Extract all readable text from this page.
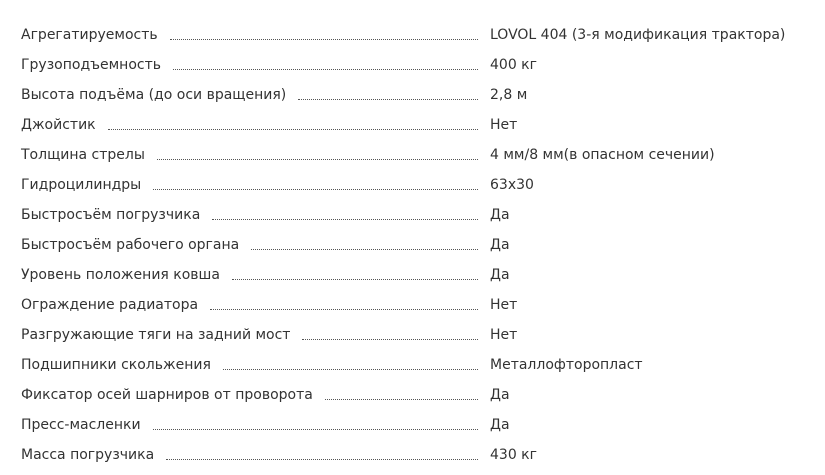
Агрегатируемость	LOVOL 404 (3-я модификация трактора)
Грузоподъемность	400 кг
Высота подъёма (до оси вращения)	2,8 м
Джойстик	Нет
Толщина стрелы	4 мм/8 мм(в опасном сечении)
Гидроцилиндры	63х30
Быстросъём погрузчика	Да
Быстросъём рабочего органа	Да
Уровень положения ковша	Да
Ограждение радиатора	Нет
Разгружающие тяги на задний мост	Нет
Подшипники скольжения	Металлофторопласт
Фиксатор осей шарниров от проворота	Да
Пресс-масленки	Да
Масса погрузчика	430 кг
